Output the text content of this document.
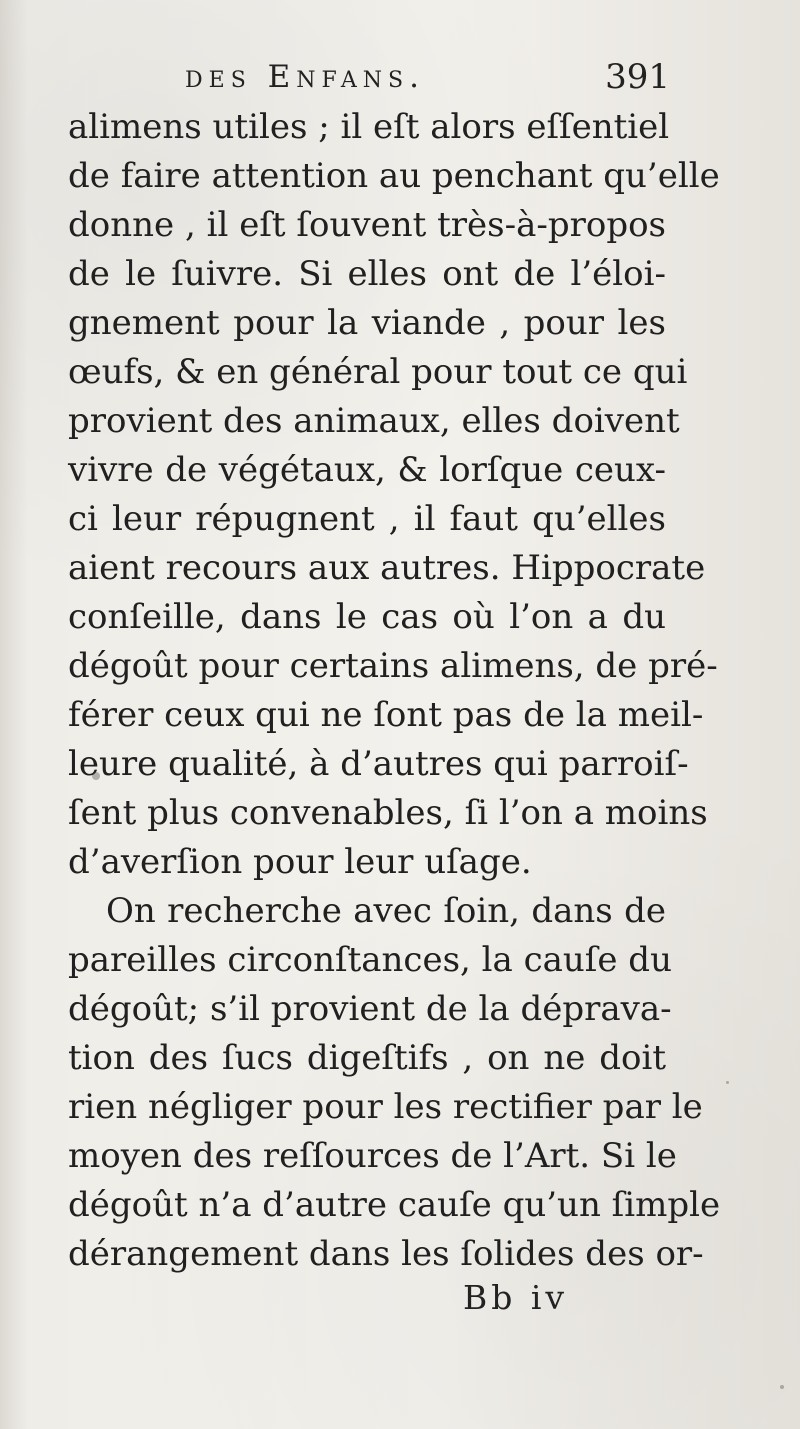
des Enfans.	391
alimens utiles ; il eſt alors eſſentiel
de faire attention au penchant qu’elle
donne , il eſt ſouvent très-à-propos
de le ſuivre. Si elles ont de l’éloi-
gnement pour la viande , pour les
œufs, & en général pour tout ce qui
provient des animaux, elles doivent
vivre de végétaux, & lorſque ceux-
ci leur répugnent , il faut qu’elles
aient recours aux autres. Hippocrate
conſeille, dans le cas où l’on a du
dégoût pour certains alimens, de pré-
férer ceux qui ne ſont pas de la meil-
leure qualité, à d’autres qui parroiſ-
ſent plus convenables, ſi l’on a moins
d’averſion pour leur uſage.
On recherche avec ſoin, dans de
pareilles circonſtances, la cauſe du
dégoût; s’il provient de la déprava-
tion des ſucs digeſtifs , on ne doit
rien négliger pour les rectifier par le
moyen des reſſources de l’Art. Si le
dégoût n’a d’autre cauſe qu’un ſimple
dérangement dans les ſolides des or-
Bb iv
